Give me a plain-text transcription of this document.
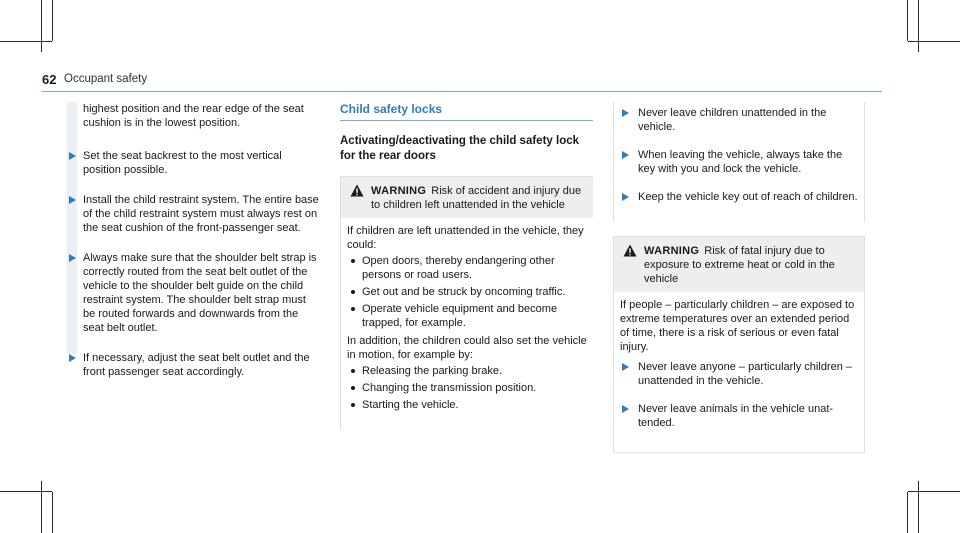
62 Occupant safety
highest position and the rear edge of the seat cushion is in the lowest position.
Set the seat backrest to the most vertical position possible.
Install the child restraint system. The entire base of the child restraint system must always rest on the seat cushion of the front-passenger seat.
Always make sure that the shoulder belt strap is correctly routed from the seat belt outlet of the vehicle to the shoulder belt guide on the child restraint system. The shoulder belt strap must be routed forwards and downwards from the seat belt outlet.
If necessary, adjust the seat belt outlet and the front passenger seat accordingly.
Child safety locks
Activating/deactivating the child safety lock for the rear doors
WARNING Risk of accident and injury due to children left unattended in the vehicle
If children are left unattended in the vehicle, they could:
Open doors, thereby endangering other persons or road users.
Get out and be struck by oncoming traffic.
Operate vehicle equipment and become trapped, for example.
In addition, the children could also set the vehicle in motion, for example by:
Releasing the parking brake.
Changing the transmission position.
Starting the vehicle.
Never leave children unattended in the vehicle.
When leaving the vehicle, always take the key with you and lock the vehicle.
Keep the vehicle key out of reach of children.
WARNING Risk of fatal injury due to exposure to extreme heat or cold in the vehicle
If people – particularly children – are exposed to extreme temperatures over an extended period of time, there is a risk of serious or even fatal injury.
Never leave anyone – particularly children – unattended in the vehicle.
Never leave animals in the vehicle unattended.
